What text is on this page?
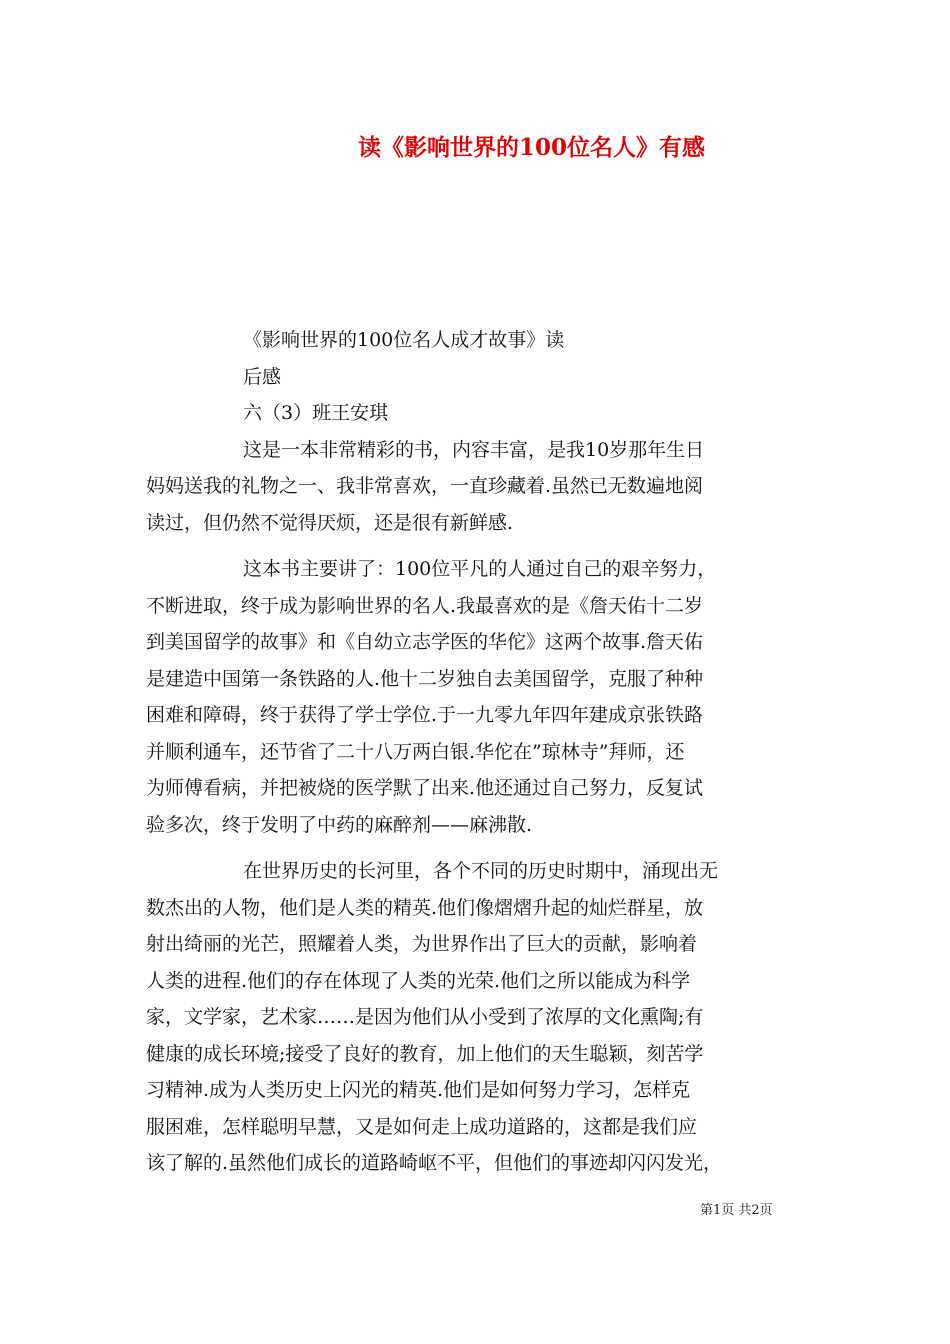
读《影响世界的100位名人》有感
《影响世界的100位名人成才故事》读
后感
六（3）班王安琪
这是一本非常精彩的书，内容丰富，是我10岁那年生日
妈妈送我的礼物之一、我非常喜欢，一直珍藏着.虽然已无数遍地阅
读过，但仍然不觉得厌烦，还是很有新鲜感.
这本书主要讲了：100位平凡的人通过自己的艰辛努力，
不断进取，终于成为影响世界的名人.我最喜欢的是《詹天佑十二岁
到美国留学的故事》和《自幼立志学医的华佗》这两个故事.詹天佑
是建造中国第一条铁路的人.他十二岁独自去美国留学，克服了种种
困难和障碍，终于获得了学士学位.于一九零九年四年建成京张铁路
并顺利通车，还节省了二十八万两白银.华佗在”琼林寺”拜师，还
为师傅看病，并把被烧的医学默了出来.他还通过自己努力，反复试
验多次，终于发明了中药的麻醉剂——麻沸散.
在世界历史的长河里，各个不同的历史时期中，涌现出无
数杰出的人物，他们是人类的精英.他们像熠熠升起的灿烂群星，放
射出绮丽的光芒，照耀着人类，为世界作出了巨大的贡献，影响着
人类的进程.他们的存在体现了人类的光荣.他们之所以能成为科学
家，文学家，艺术家……是因为他们从小受到了浓厚的文化熏陶;有
健康的成长环境;接受了良好的教育，加上他们的天生聪颖，刻苦学
习精神.成为人类历史上闪光的精英.他们是如何努力学习，怎样克
服困难，怎样聪明早慧，又是如何走上成功道路的，这都是我们应
该了解的.虽然他们成长的道路崎岖不平，但他们的事迹却闪闪发光，
第1页 共2页
